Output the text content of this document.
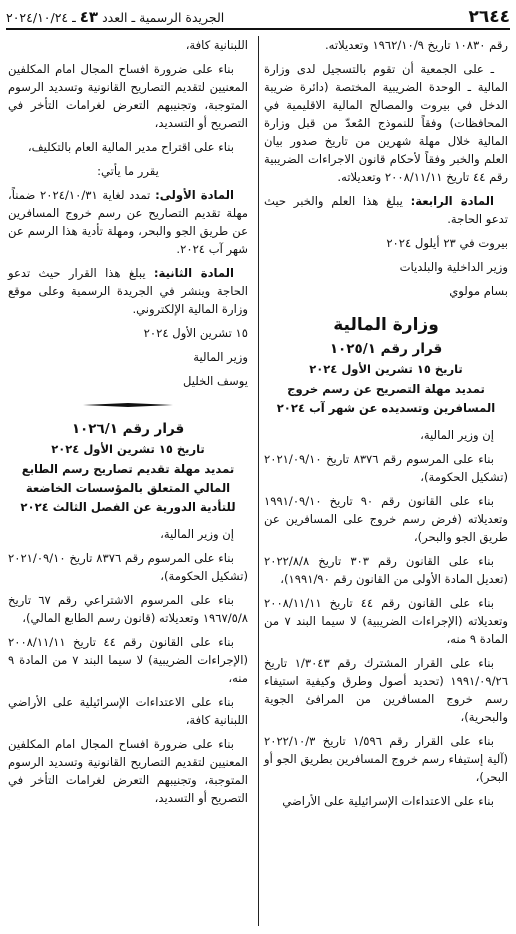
٢٦٤٤
الجريدة الرسمية ـ العدد ٤٣ ـ ٢٠٢٤/١٠/٢٤

رقم ١٠٨٣٠ تاريخ ١٩٦٢/١٠/٩ وتعديلاته.

ـ على الجمعية أن تقوم بالتسجيل لدى وزارة المالية ـ الوحدة الضريبية المختصة (دائرة ضريبة الدخل في بيروت والمصالح المالية الاقليمية في المحافظات) وفقاً للنموذج المُعدّ من قبل وزارة المالية خلال مهلة شهرين من تاريخ صدور بيان العلم والخبر وفقاً لأحكام قانون الاجراءات الضريبية رقم ٤٤ تاريخ ٢٠٠٨/١١/١١ وتعديلاته.

المادة الرابعة: يبلغ هذا العلم والخبر حيث تدعو الحاجة.

بيروت في ٢٣ أيلول ٢٠٢٤

وزير الداخلية والبلديات

بسام مولوي

وزارة المالية
قرار رقم ١٠٢٥/١
تاريخ ١٥ تشرين الأول ٢٠٢٤
تمديد مهلة التصريح عن رسم خروج المسافرين وتسديده عن شهر آب ٢٠٢٤

إن وزير المالية،

بناء على المرسوم رقم ٨٣٧٦ تاريخ ٢٠٢١/٠٩/١٠ (تشكيل الحكومة)،

بناء على القانون رقم ٩٠ تاريخ ١٩٩١/٠٩/١٠ وتعديلاته (فرض رسم خروج على المسافرين عن طريق الجو والبحر)،

بناء على القانون رقم ٣٠٣ تاريخ ٢٠٢٢/٨/٨ (تعديل المادة الأولى من القانون رقم ١٩٩١/٩٠)،

بناء على القانون رقم ٤٤ تاريخ ٢٠٠٨/١١/١١ وتعديلاته (الإجراءات الضريبية) لا سيما البند ٧ من المادة ٩ منه،

بناء على القرار المشترك رقم ١/٣٠٤٣ تاريخ ١٩٩١/٠٩/٢٦ (تحديد أصول وطرق وكيفية استيفاء رسم خروج المسافرين من المرافئ الجوية والبحرية)،

بناء على القرار رقم ١/٥٩٦ تاريخ ٢٠٢٢/١٠/٣ (آلية إستيفاء رسم خروج المسافرين بطريق الجو أو البحر)،

بناء على الاعتداءات الإسرائيلية على الأراضي

اللبنانية كافة،

بناء على ضرورة افساح المجال امام المكلفين المعنيين لتقديم التصاريح القانونية وتسديد الرسوم المتوجبة، وتجنيبهم التعرض لغرامات التأخر في التصريح أو التسديد،

بناء على اقتراح مدير المالية العام بالتكليف،

يقرر ما يأتي:

المادة الأولى: تمدد لغاية ٢٠٢٤/١٠/٣١ ضمناً، مهلة تقديم التصاريح عن رسم خروج المسافرين عن طريق الجو والبحر، ومهلة تأدية هذا الرسم عن شهر آب ٢٠٢٤.

المادة الثانية: يبلغ هذا القرار حيث تدعو الحاجة وينشر في الجريدة الرسمية وعلى موقع وزارة المالية الإلكتروني.

١٥ تشرين الأول ٢٠٢٤

وزير المالية

يوسف الخليل

قرار رقم ١٠٢٦/١
تاريخ ١٥ تشرين الأول ٢٠٢٤
تمديد مهلة تقديم تصاريح رسم الطابع المالي المتعلق بالمؤسسات الخاضعة للتأدية الدورية عن الفصل الثالث ٢٠٢٤

إن وزير المالية،

بناء على المرسوم رقم ٨٣٧٦ تاريخ ٢٠٢١/٠٩/١٠ (تشكيل الحكومة)،

بناء على المرسوم الاشتراعي رقم ٦٧ تاريخ ١٩٦٧/٥/٨ وتعديلاته (قانون رسم الطابع المالي)،

بناء على القانون رقم ٤٤ تاريخ ٢٠٠٨/١١/١١ (الإجراءات الضريبية) لا سيما البند ٧ من المادة ٩ منه،

بناء على الاعتداءات الإسرائيلية على الأراضي اللبنانية كافة،

بناء على ضرورة افساح المجال امام المكلفين المعنيين لتقديم التصاريح القانونية وتسديد الرسوم المتوجبة، وتجنيبهم التعرض لغرامات التأخر في التصريح أو التسديد،
